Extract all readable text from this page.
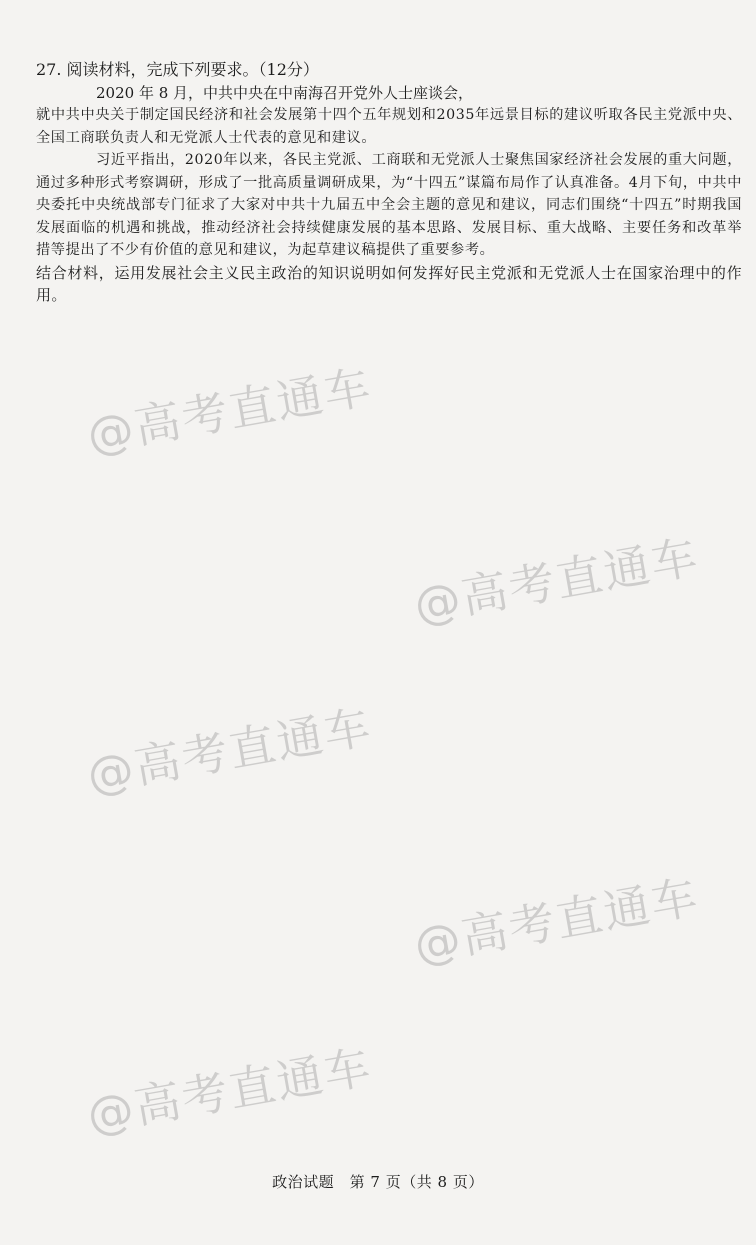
@高考直通车
@高考直通车
@高考直通车
@高考直通车
@高考直通车

27. 阅读材料，完成下列要求。（12分）

2020 年 8 月，中共中央在中南海召开党外人士座谈会，

就中共中央关于制定国民经济和社会发展第十四个五年规划和2035年远景目标的建议听取各民主党派中央、全国工商联负责人和无党派人士代表的意见和建议。

习近平指出，2020年以来，各民主党派、工商联和无党派人士聚焦国家经济社会发展的重大问题，通过多种形式考察调研，形成了一批高质量调研成果，为“十四五”谋篇布局作了认真准备。4月下旬，中共中央委托中央统战部专门征求了大家对中共十九届五中全会主题的意见和建议，同志们围绕“十四五”时期我国发展面临的机遇和挑战，推动经济社会持续健康发展的基本思路、发展目标、重大战略、主要任务和改革举措等提出了不少有价值的意见和建议，为起草建议稿提供了重要参考。

结合材料，运用发展社会主义民主政治的知识说明如何发挥好民主党派和无党派人士在国家治理中的作用。

政治试题　第 7 页（共 8 页）
